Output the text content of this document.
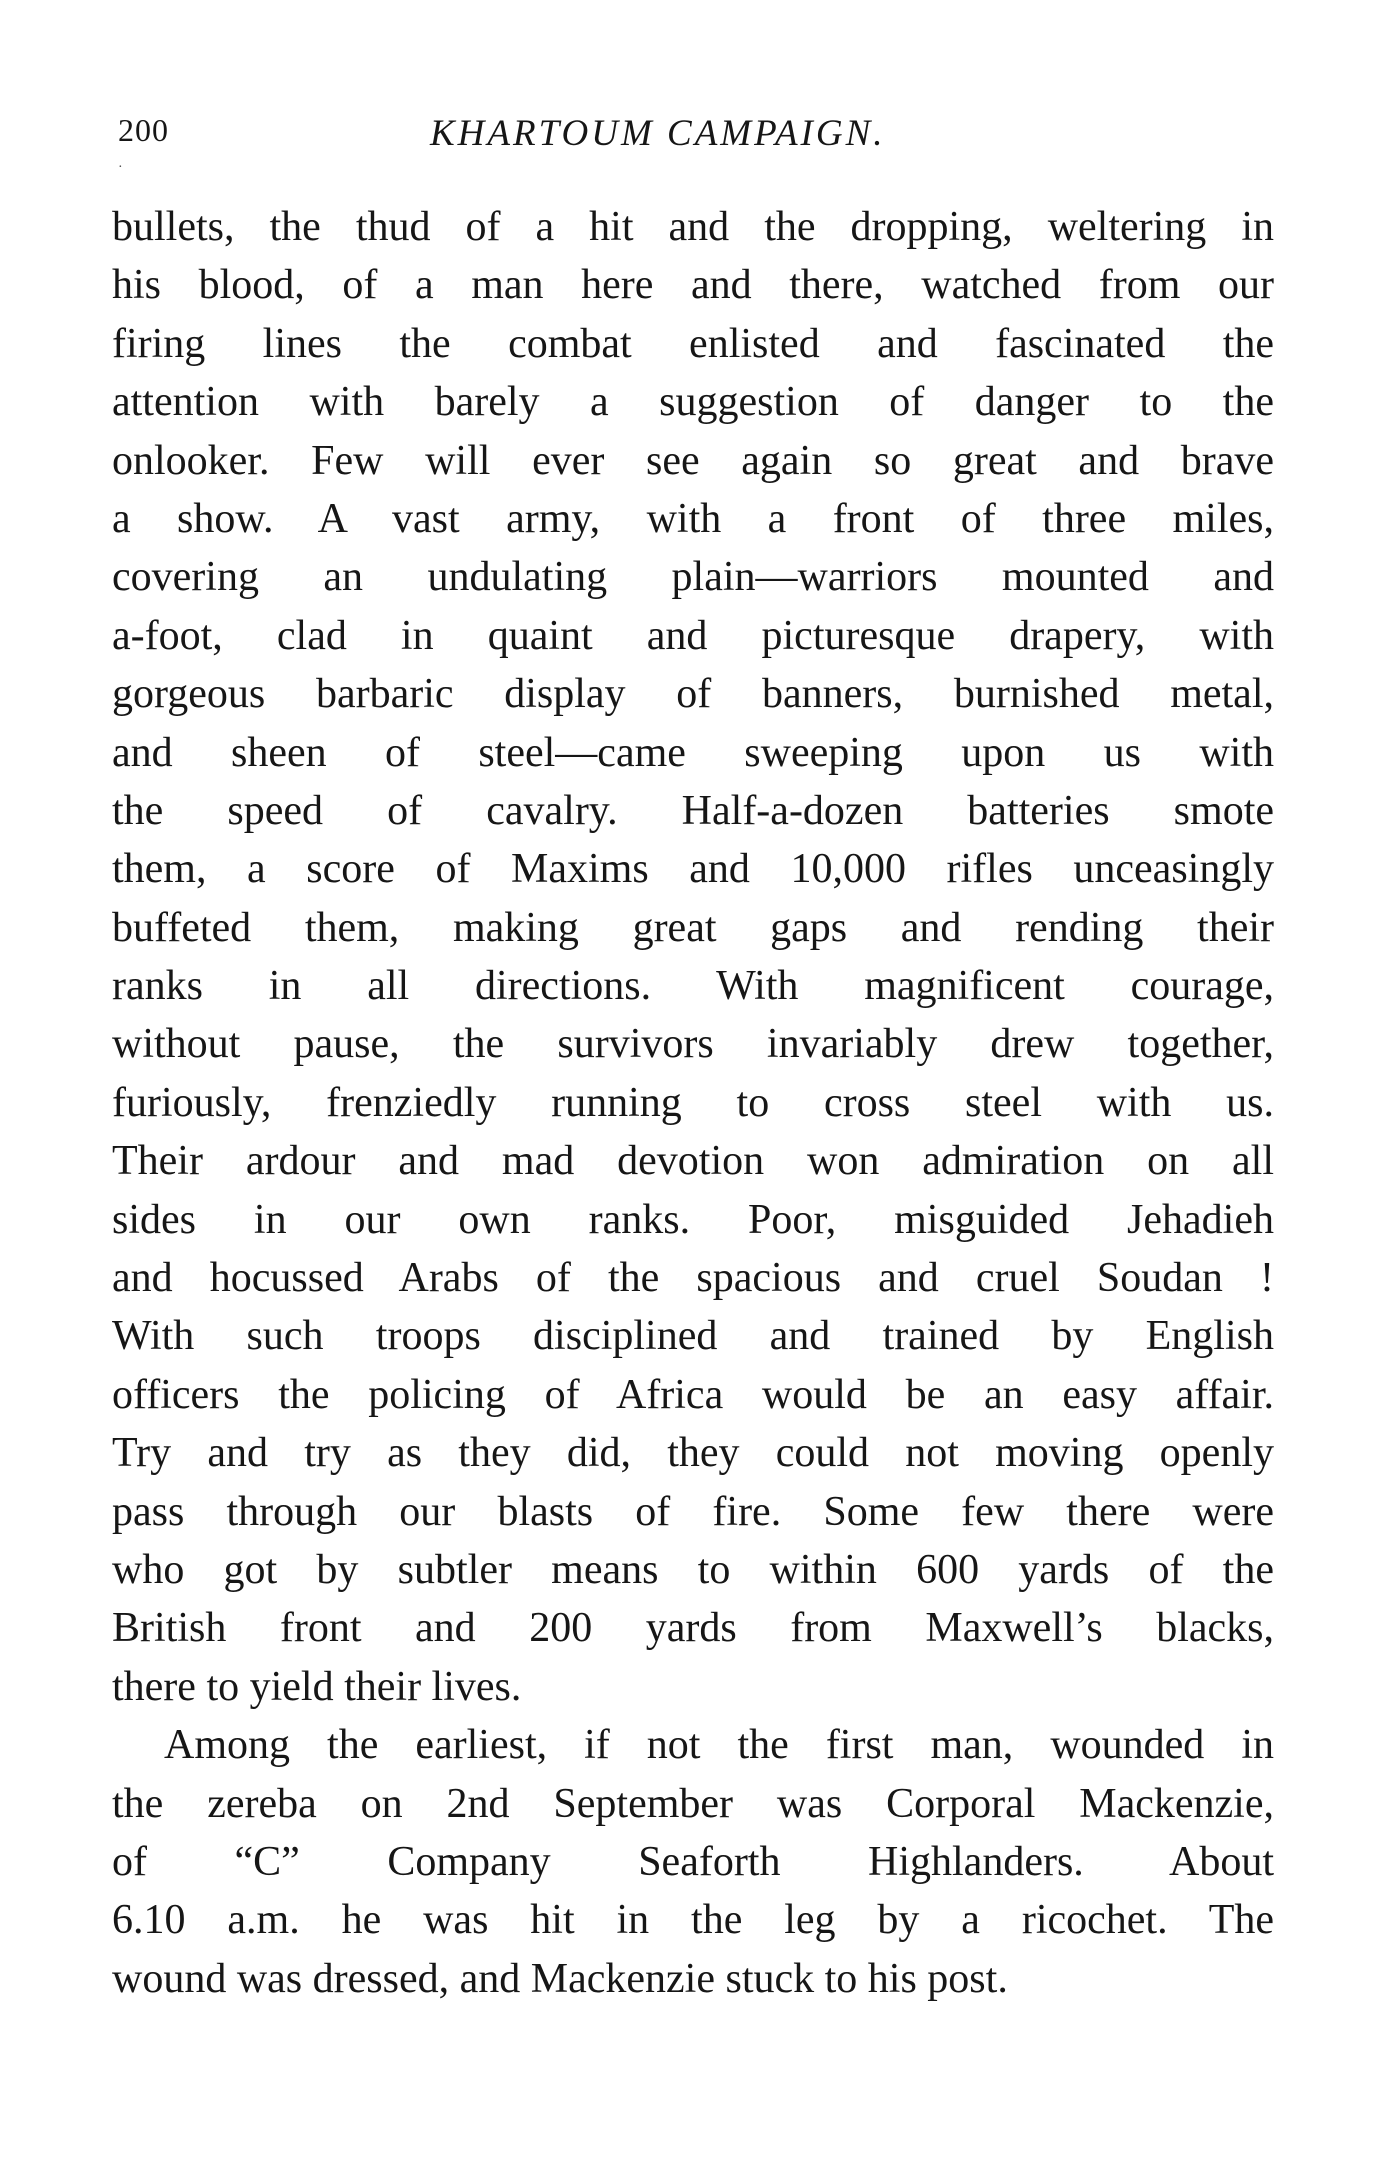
200	KHARTOUM CAMPAIGN.
·
bullets, the thud of a hit and the dropping, weltering in
his blood, of a man here and there, watched from our
firing lines the combat enlisted and fascinated the
attention with barely a suggestion of danger to the
onlooker. Few will ever see again so great and brave
a show. A vast army, with a front of three miles,
covering an undulating plain—warriors mounted and
a-foot, clad in quaint and picturesque drapery, with
gorgeous barbaric display of banners, burnished metal,
and sheen of steel—came sweeping upon us with
the speed of cavalry. Half-a-dozen batteries smote
them, a score of Maxims and 10,000 rifles unceasingly
buffeted them, making great gaps and rending their
ranks in all directions. With magnificent courage,
without pause, the survivors invariably drew together,
furiously, frenziedly running to cross steel with us.
Their ardour and mad devotion won admiration on all
sides in our own ranks. Poor, misguided Jehadieh
and hocussed Arabs of the spacious and cruel Soudan !
With such troops disciplined and trained by English
officers the policing of Africa would be an easy affair.
Try and try as they did, they could not moving openly
pass through our blasts of fire. Some few there were
who got by subtler means to within 600 yards of the
British front and 200 yards from Maxwell’s blacks,
there to yield their lives.
Among the earliest, if not the first man, wounded in
the zereba on 2nd September was Corporal Mackenzie,
of “C” Company Seaforth Highlanders. About
6.10 a.m. he was hit in the leg by a ricochet. The
wound was dressed, and Mackenzie stuck to his post.
